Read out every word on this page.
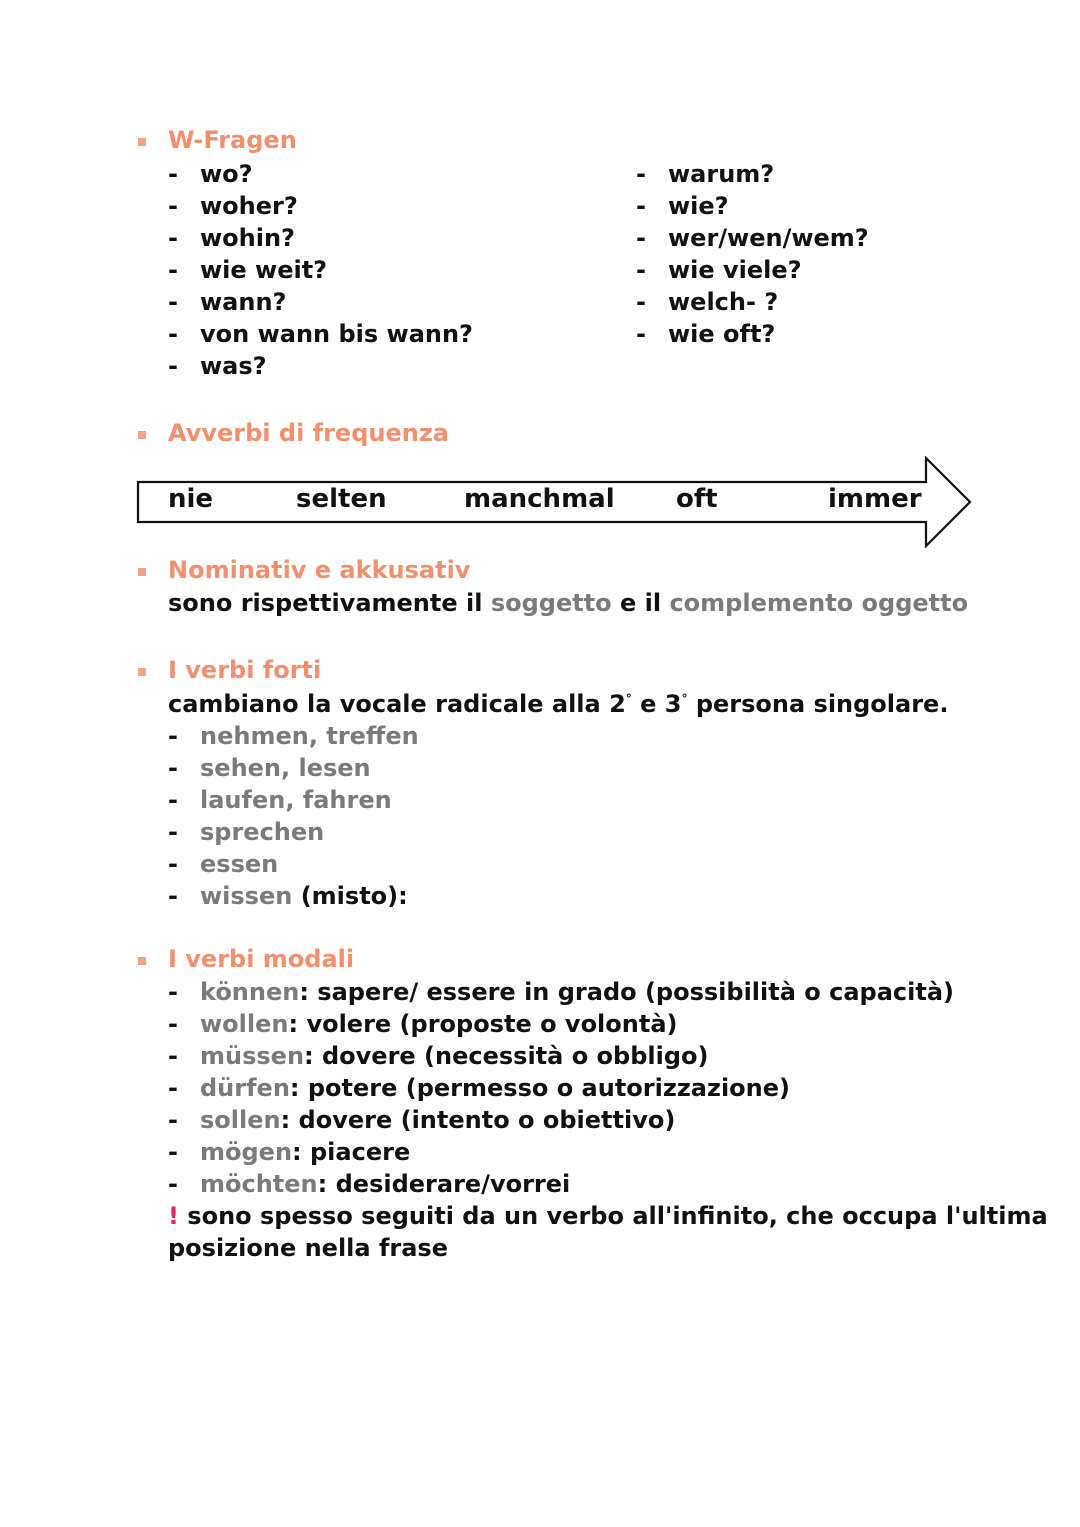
W-Fragen
- wo?
- woher?
- wohin?
- wie weit?
- wann?
- von wann bis wann?
- was?
- warum?
- wie?
- wer/wen/wem?
- wie viele?
- welch- ?
- wie oft?
Avverbi di frequenza
nie	selten	manchmal oft	immer
Nominativ e akkusativ
sono rispettivamente il soggetto e il complemento oggetto
I verbi forti
cambiano la vocale radicale alla 2° e 3° persona singolare.
- nehmen, treffen
- sehen, lesen
- laufen, fahren
- sprechen
- essen
- wissen (misto):
I verbi modali
- können: sapere/ essere in grado (possibilità o capacità)
- wollen: volere (proposte o volontà)
- müssen: dovere (necessità o obbligo)
- dürfen: potere (permesso o autorizzazione)
- sollen: dovere (intento o obiettivo)
- mögen: piacere
- möchten: desiderare/vorrei
! sono spesso seguiti da un verbo all'infinito, che occupa l'ultima
posizione nella frase
